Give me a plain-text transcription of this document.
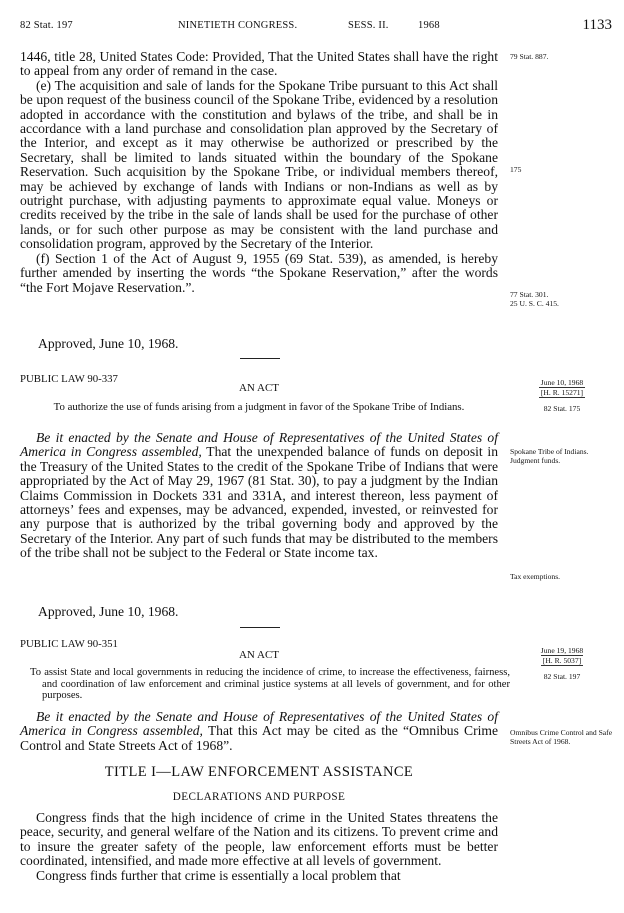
82 Stat. 197	NINETIETH CONGRESS.	SESS. II.	1968	1133

1446, title 28, United States Code: Provided, That the United States shall have the right to appeal from any order of remand in the case.

(e) The acquisition and sale of lands for the Spokane Tribe pursuant to this Act shall be upon request of the business council of the Spokane Tribe, evidenced by a resolution adopted in accordance with the constitution and bylaws of the tribe, and shall be in accordance with a land purchase and consolidation plan approved by the Secretary of the Interior, and except as it may otherwise be authorized or prescribed by the Secretary, shall be limited to lands situated within the boundary of the Spokane Reservation. Such acquisition by the Spokane Tribe, or individual members thereof, may be achieved by exchange of lands with Indians or non-Indians as well as by outright purchase, with adjusting payments to approximate equal value. Moneys or credits received by the tribe in the sale of lands shall be used for the purchase of other lands, or for such other purpose as may be consistent with the land purchase and consolidation program, approved by the Secretary of the Interior.

(f) Section 1 of the Act of August 9, 1955 (69 Stat. 539), as amended, is hereby further amended by inserting the words “the Spokane Reservation,” after the words “the Fort Mojave Reservation.”.

Approved, June 10, 1968.
79 Stat. 887.
175
77 Stat. 301.
25 U. S. C. 415.
PUBLIC LAW 90-337
AN ACT
To authorize the use of funds arising from a judgment in favor of the Spokane Tribe of Indians.
June 10, 1968
[H. R. 15271]
82 Stat. 175

Be it enacted by the Senate and House of Representatives of the United States of America in Congress assembled, That the unexpended balance of funds on deposit in the Treasury of the United States to the credit of the Spokane Tribe of Indians that were appropriated by the Act of May 29, 1967 (81 Stat. 30), to pay a judgment by the Indian Claims Commission in Dockets 331 and 331A, and interest thereon, less payment of attorneys’ fees and expenses, may be advanced, expended, invested, or reinvested for any purpose that is authorized by the tribal governing body and approved by the Secretary of the Interior. Any part of such funds that may be distributed to the members of the tribe shall not be subject to the Federal or State income tax.

Approved, June 10, 1968.
Spokane Tribe of Indians. Judgment funds.
Tax exemptions.
PUBLIC LAW 90-351
AN ACT
To assist State and local governments in reducing the incidence of crime, to increase the effectiveness, fairness, and coordination of law enforcement and criminal justice systems at all levels of government, and for other purposes.
June 19, 1968
[H. R. 5037]
82 Stat. 197

Be it enacted by the Senate and House of Representatives of the United States of America in Congress assembled, That this Act may be cited as the “Omnibus Crime Control and State Streets Act of 1968”.

Omnibus Crime Control and Safe Streets Act of 1968.
TITLE I—LAW ENFORCEMENT ASSISTANCE
DECLARATIONS AND PURPOSE

Congress finds that the high incidence of crime in the United States threatens the peace, security, and general welfare of the Nation and its citizens. To prevent crime and to insure the greater safety of the people, law enforcement efforts must be better coordinated, intensified, and made more effective at all levels of government.

Congress finds further that crime is essentially a local problem that
